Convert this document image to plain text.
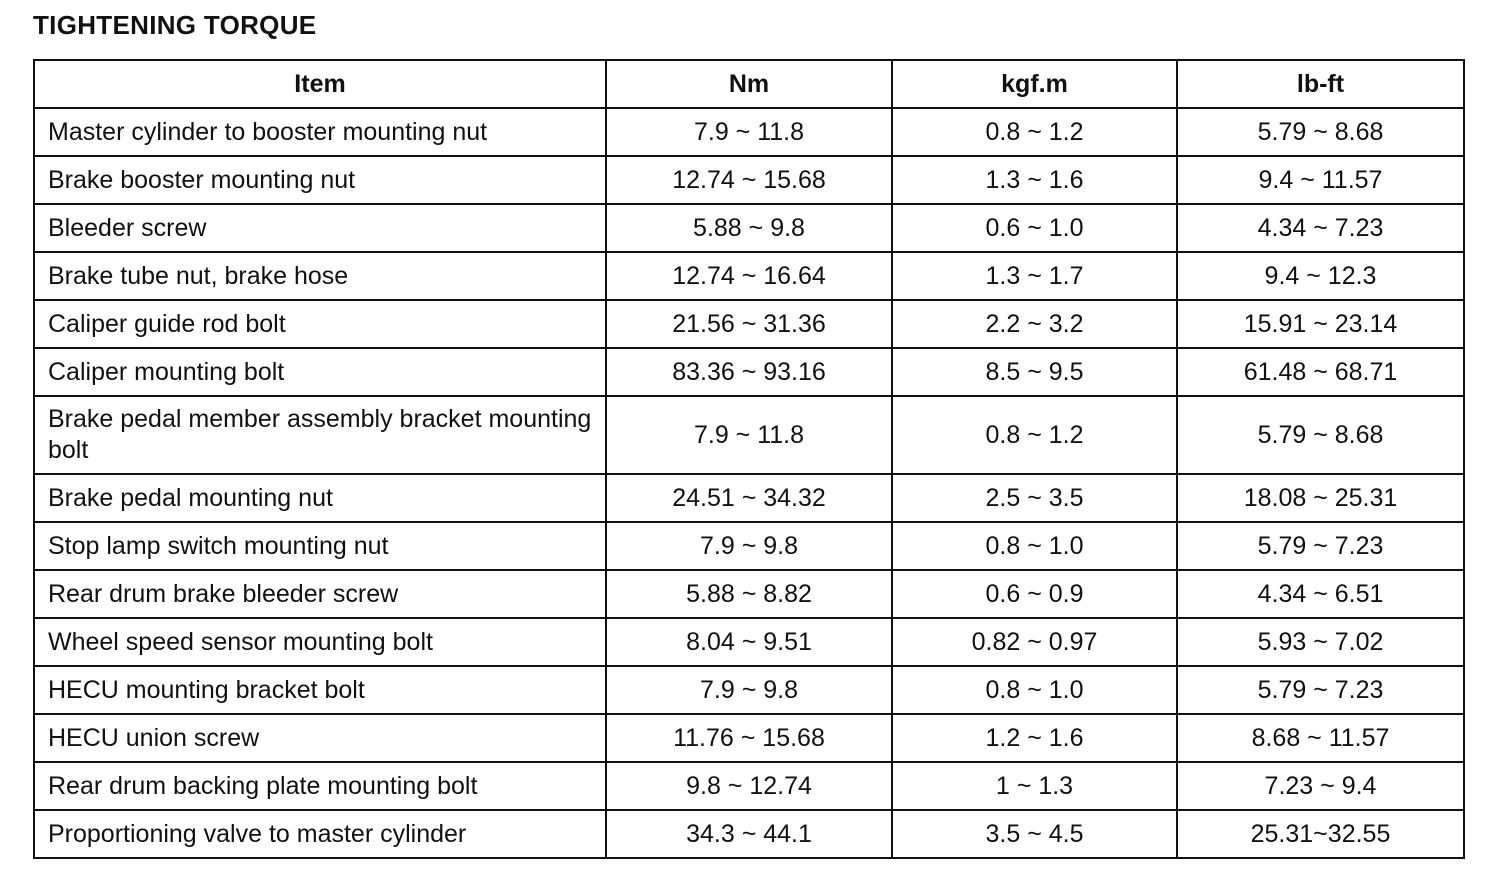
TIGHTENING TORQUE
Item	Nm	kgf.m	lb-ft
Master cylinder to booster mounting nut	7.9 ~ 11.8	0.8 ~ 1.2	5.79 ~ 8.68
Brake booster mounting nut	12.74 ~ 15.68	1.3 ~ 1.6	9.4 ~ 11.57
Bleeder screw	5.88 ~ 9.8	0.6 ~ 1.0	4.34 ~ 7.23
Brake tube nut, brake hose	12.74 ~ 16.64	1.3 ~ 1.7	9.4 ~ 12.3
Caliper guide rod bolt	21.56 ~ 31.36	2.2 ~ 3.2	15.91 ~ 23.14
Caliper mounting bolt	83.36 ~ 93.16	8.5 ~ 9.5	61.48 ~ 68.71
Brake pedal member assembly bracket mounting bolt	7.9 ~ 11.8	0.8 ~ 1.2	5.79 ~ 8.68
Brake pedal mounting nut	24.51 ~ 34.32	2.5 ~ 3.5	18.08 ~ 25.31
Stop lamp switch mounting nut	7.9 ~ 9.8	0.8 ~ 1.0	5.79 ~ 7.23
Rear drum brake bleeder screw	5.88 ~ 8.82	0.6 ~ 0.9	4.34 ~ 6.51
Wheel speed sensor mounting bolt	8.04 ~ 9.51	0.82 ~ 0.97	5.93 ~ 7.02
HECU mounting bracket bolt	7.9 ~ 9.8	0.8 ~ 1.0	5.79 ~ 7.23
HECU union screw	11.76 ~ 15.68	1.2 ~ 1.6	8.68 ~ 11.57
Rear drum backing plate mounting bolt	9.8 ~ 12.74	1 ~ 1.3	7.23 ~ 9.4
Proportioning valve to master cylinder	34.3 ~ 44.1	3.5 ~ 4.5	25.31~32.55
